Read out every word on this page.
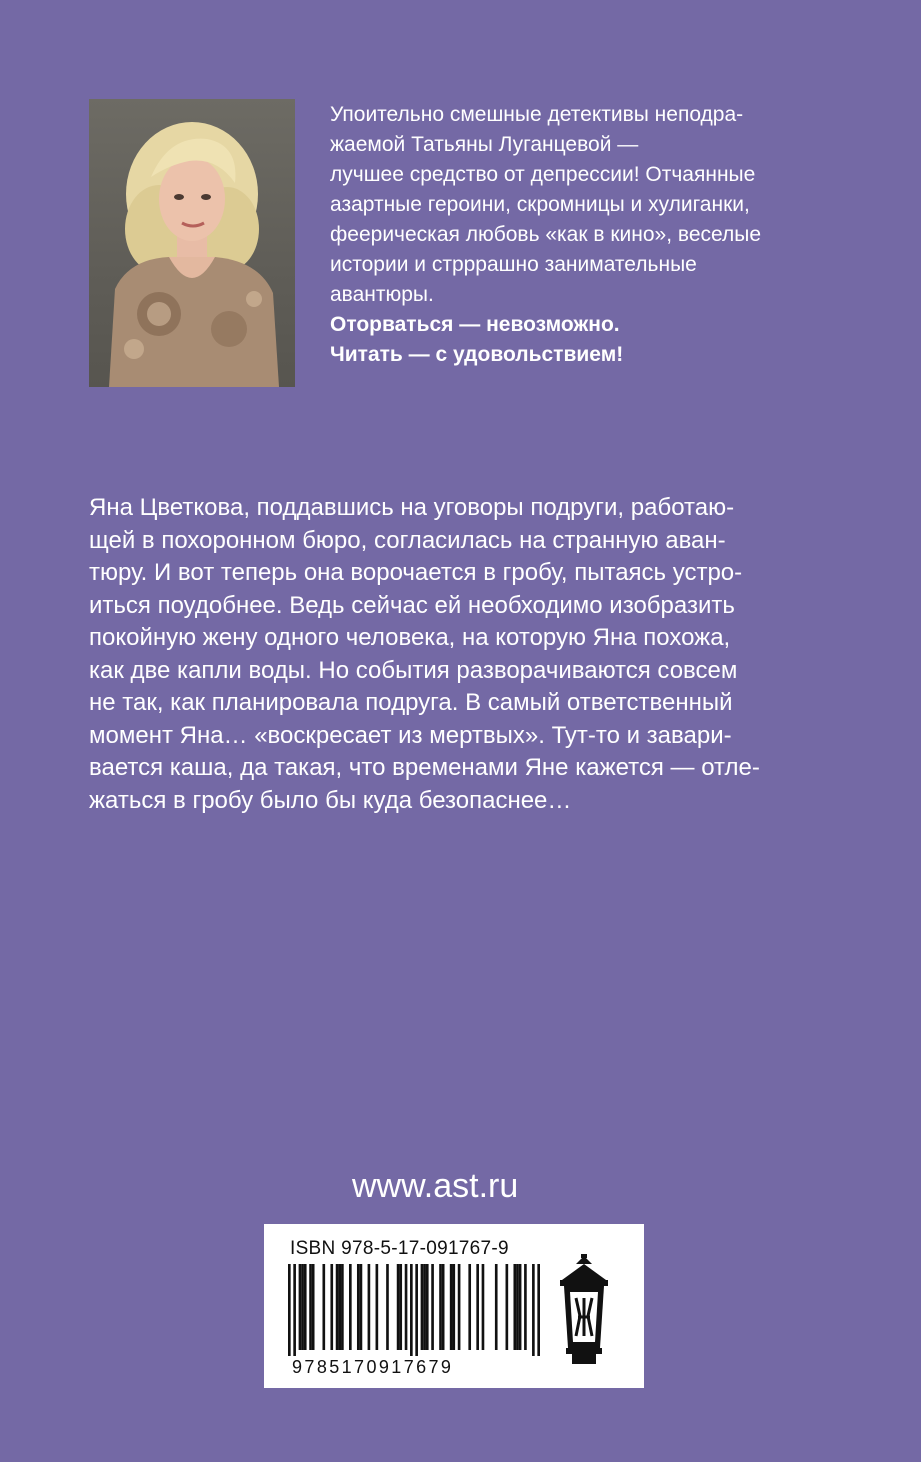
Упоительно смешные детективы неподра-

жаемой Татьяны Луганцевой —

лучшее средство от депрессии! Отчаянные

азартные героини, скромницы и хулиганки,

феерическая любовь «как в кино», веселые

истории и стрррашно занимательные

авантюры.

Оторваться — невозможно.

Читать — с удовольствием!

Яна Цветкова, поддавшись на уговоры подруги, работаю-

щей в похоронном бюро, согласилась на странную аван-

тюру. И вот теперь она ворочается в гробу, пытаясь устро-

иться поудобнее. Ведь сейчас ей необходимо изобразить

покойную жену одного человека, на которую Яна похожа,

как две капли воды. Но события разворачиваются совсем

не так, как планировала подруга. В самый ответственный

момент Яна… «воскресает из мертвых». Тут-то и завари-

вается каша, да такая, что временами Яне кажется — отле-

жаться в гробу было бы куда безопаснее…

www.ast.ru
ISBN 978-5-17-091767-9
9785170917679
